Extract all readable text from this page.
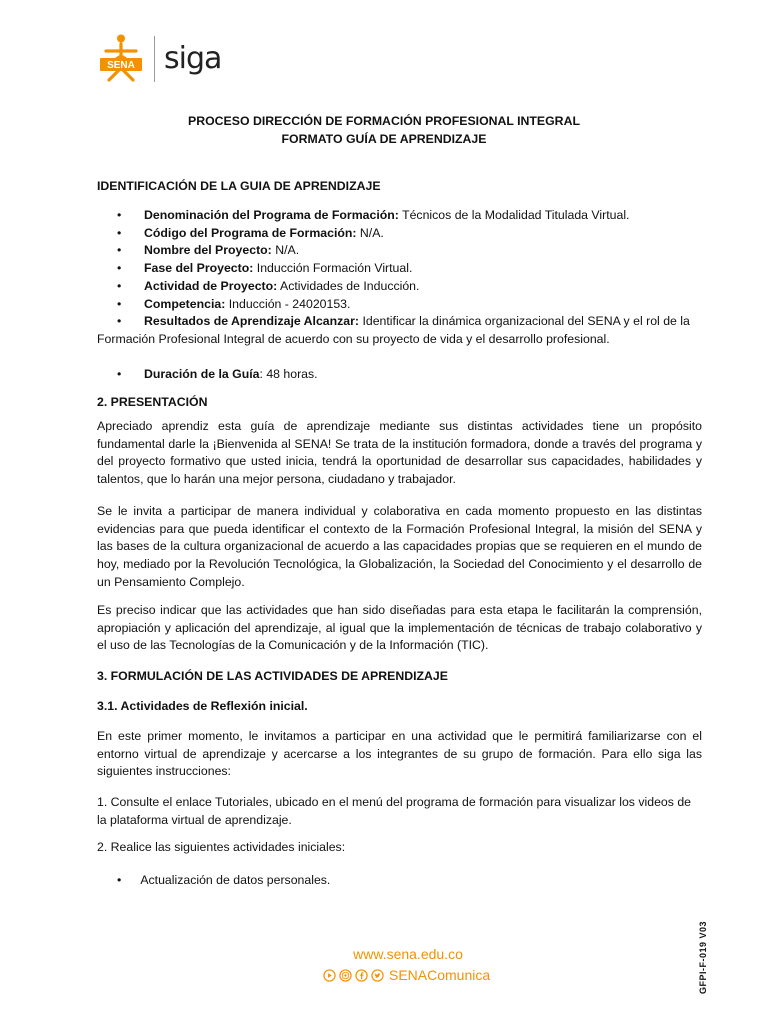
SENA siga
PROCESO DIRECCIÓN DE FORMACIÓN PROFESIONAL INTEGRAL
FORMATO GUÍA DE APRENDIZAJE
IDENTIFICACIÓN DE LA GUIA DE APRENDIZAJE
• Denominación del Programa de Formación: Técnicos de la Modalidad Titulada Virtual.
• Código del Programa de Formación: N/A.
• Nombre del Proyecto: N/A.
• Fase del Proyecto: Inducción Formación Virtual.
• Actividad de Proyecto: Actividades de Inducción.
• Competencia: Inducción - 24020153.
• Resultados de Aprendizaje Alcanzar: Identificar la dinámica organizacional del SENA y el rol de la Formación Profesional Integral de acuerdo con su proyecto de vida y el desarrollo profesional.
• Duración de la Guía: 48 horas.
2. PRESENTACIÓN
Apreciado aprendiz esta guía de aprendizaje mediante sus distintas actividades tiene un propósito fundamental darle la ¡Bienvenida al SENA! Se trata de la institución formadora, donde a través del programa y del proyecto formativo que usted inicia, tendrá la oportunidad de desarrollar sus capacidades, habilidades y talentos, que lo harán una mejor persona, ciudadano y trabajador.
Se le invita a participar de manera individual y colaborativa en cada momento propuesto en las distintas evidencias para que pueda identificar el contexto de la Formación Profesional Integral, la misión del SENA y las bases de la cultura organizacional de acuerdo a las capacidades propias que se requieren en el mundo de hoy, mediado por la Revolución Tecnológica, la Globalización, la Sociedad del Conocimiento y el desarrollo de un Pensamiento Complejo.
Es preciso indicar que las actividades que han sido diseñadas para esta etapa le facilitarán la comprensión, apropiación y aplicación del aprendizaje, al igual que la implementación de técnicas de trabajo colaborativo y el uso de las Tecnologías de la Comunicación y de la Información (TIC).
3. FORMULACIÓN DE LAS ACTIVIDADES DE APRENDIZAJE
3.1. Actividades de Reflexión inicial.
En este primer momento, le invitamos a participar en una actividad que le permitirá familiarizarse con el entorno virtual de aprendizaje y acercarse a los integrantes de su grupo de formación. Para ello siga las siguientes instrucciones:
1. Consulte el enlace Tutoriales, ubicado en el menú del programa de formación para visualizar los videos de la plataforma virtual de aprendizaje.
2. Realice las siguientes actividades iniciales:
• Actualización de datos personales.
www.sena.edu.co
SENAComunica	GFPI-F-019 V03
